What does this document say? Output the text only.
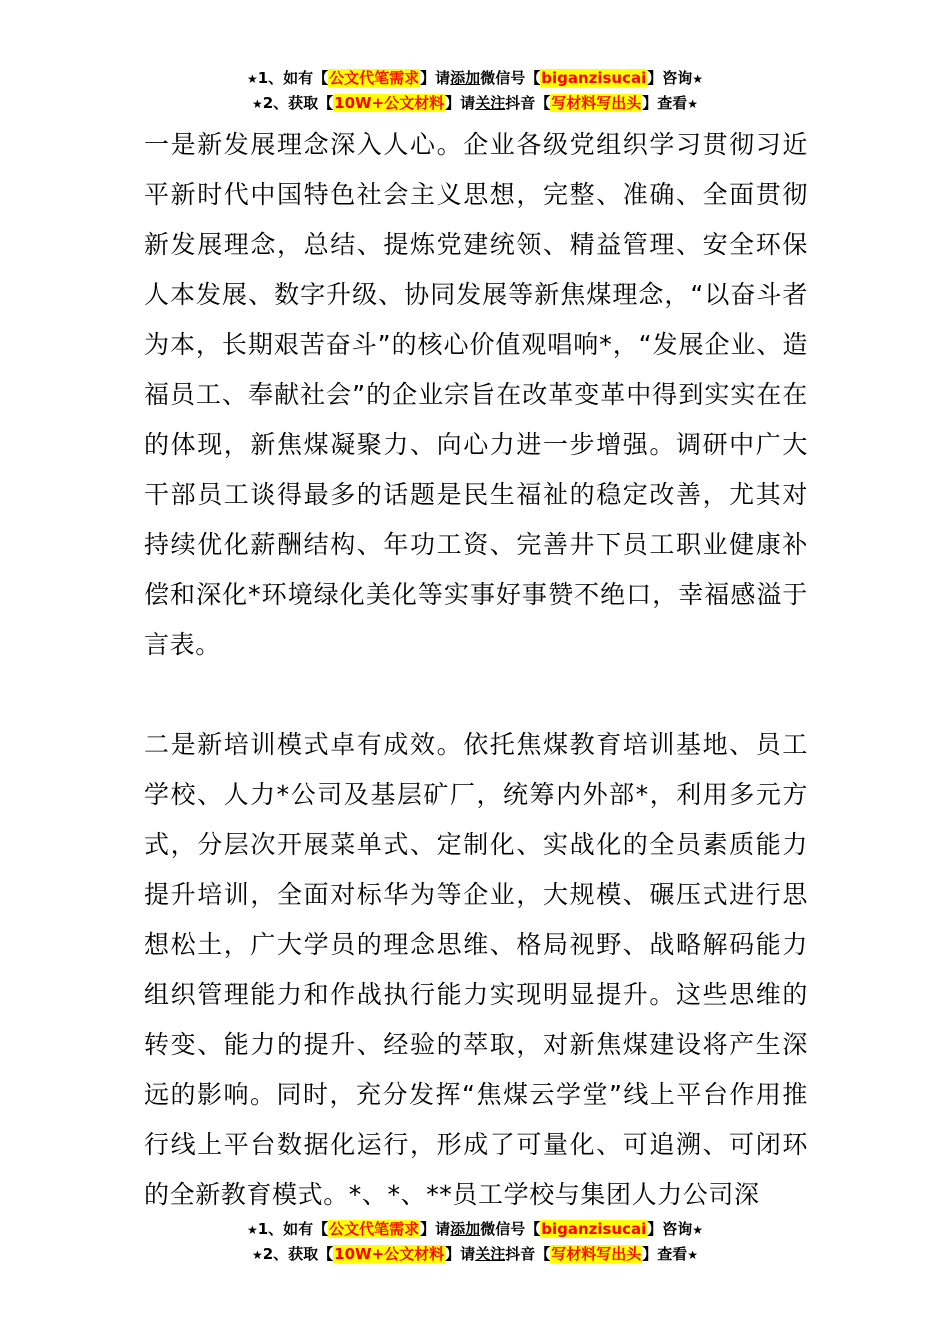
★1、如有【公文代笔需求】请添加微信号【biganzisucai】咨询★
★2、获取【10W+公文材料】请关注抖音【写材料写出头】查看★

一是新发展理念深入人心。企业各级党组织学习贯彻习近平新时代中国特色社会主义思想，完整、准确、全面贯彻新发展理念，总结、提炼党建统领、精益管理、安全环保人本发展、数字升级、协同发展等新焦煤理念，“以奋斗者为本，长期艰苦奋斗”的核心价值观唱响*，“发展企业、造福员工、奉献社会”的企业宗旨在改革变革中得到实实在在的体现，新焦煤凝聚力、向心力进一步增强。调研中广大干部员工谈得最多的话题是民生福祉的稳定改善，尤其对持续优化薪酬结构、年功工资、完善井下员工职业健康补偿和深化*环境绿化美化等实事好事赞不绝口，幸福感溢于言表。

二是新培训模式卓有成效。依托焦煤教育培训基地、员工学校、人力*公司及基层矿厂，统筹内外部*，利用多元方式，分层次开展菜单式、定制化、实战化的全员素质能力提升培训，全面对标华为等企业，大规模、碾压式进行思想松土，广大学员的理念思维、格局视野、战略解码能力组织管理能力和作战执行能力实现明显提升。这些思维的转变、能力的提升、经验的萃取，对新焦煤建设将产生深远的影响。同时，充分发挥“焦煤云学堂”线上平台作用推行线上平台数据化运行，形成了可量化、可追溯、可闭环的全新教育模式。*、*、**员工学校与集团人力公司深

★1、如有【公文代笔需求】请添加微信号【biganzisucai】咨询★
★2、获取【10W+公文材料】请关注抖音【写材料写出头】查看★
